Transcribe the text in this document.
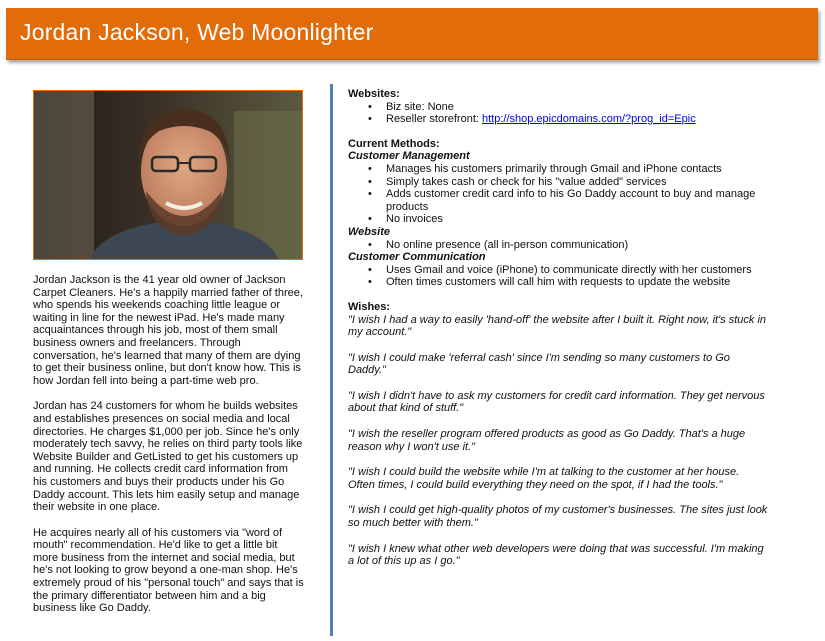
Jordan Jackson, Web Moonlighter

Jordan Jackson is the 41 year old owner of Jackson Carpet Cleaners. He's a happily married father of three, who spends his weekends coaching little league or waiting in line for the newest iPad. He's made many acquaintances through his job, most of them small business owners and freelancers. Through conversation, he's learned that many of them are dying to get their business online, but don't know how. This is how Jordan fell into being a part-time web pro.

Jordan has 24 customers for whom he builds websites and establishes presences on social media and local directories. He charges $1,000 per job. Since he's only moderately tech savvy, he relies on third party tools like Website Builder and GetListed to get his customers up and running. He collects credit card information from his customers and buys their products under his Go Daddy account. This lets him easily setup and manage their website in one place.

He acquires nearly all of his customers via "word of mouth" recommendation. He'd like to get a little bit more business from the internet and social media, but he's not looking to grow beyond a one-man shop. He's extremely proud of his "personal touch" and says that is the primary differentiator between him and a big business like Go Daddy.

Websites:

• Biz site: None
• Reseller storefront: http://shop.epicdomains.com/?prog_id=Epic

Current Methods:

Customer Management

• Manages his customers primarily through Gmail and iPhone contacts
• Simply takes cash or check for his "value added" services
• Adds customer credit card info to his Go Daddy account to buy and manage products
• No invoices

Website

• No online presence (all in-person communication)

Customer Communication

• Uses Gmail and voice (iPhone) to communicate directly with her customers
• Often times customers will call him with requests to update the website

Wishes:

"I wish I had a way to easily 'hand-off' the website after I built it. Right now, it's stuck in my account."

"I wish I could make 'referral cash' since I'm sending so many customers to Go Daddy."

"I wish I didn't have to ask my customers for credit card information. They get nervous about that kind of stuff."

"I wish the reseller program offered products as good as Go Daddy. That's a huge reason why I won't use it."

"I wish I could build the website while I'm at talking to the customer at her house. Often times, I could build everything they need on the spot, if I had the tools."

"I wish I could get high-quality photos of my customer's businesses. The sites just look so much better with them."

"I wish I knew what other web developers were doing that was successful. I'm making a lot of this up as I go."
